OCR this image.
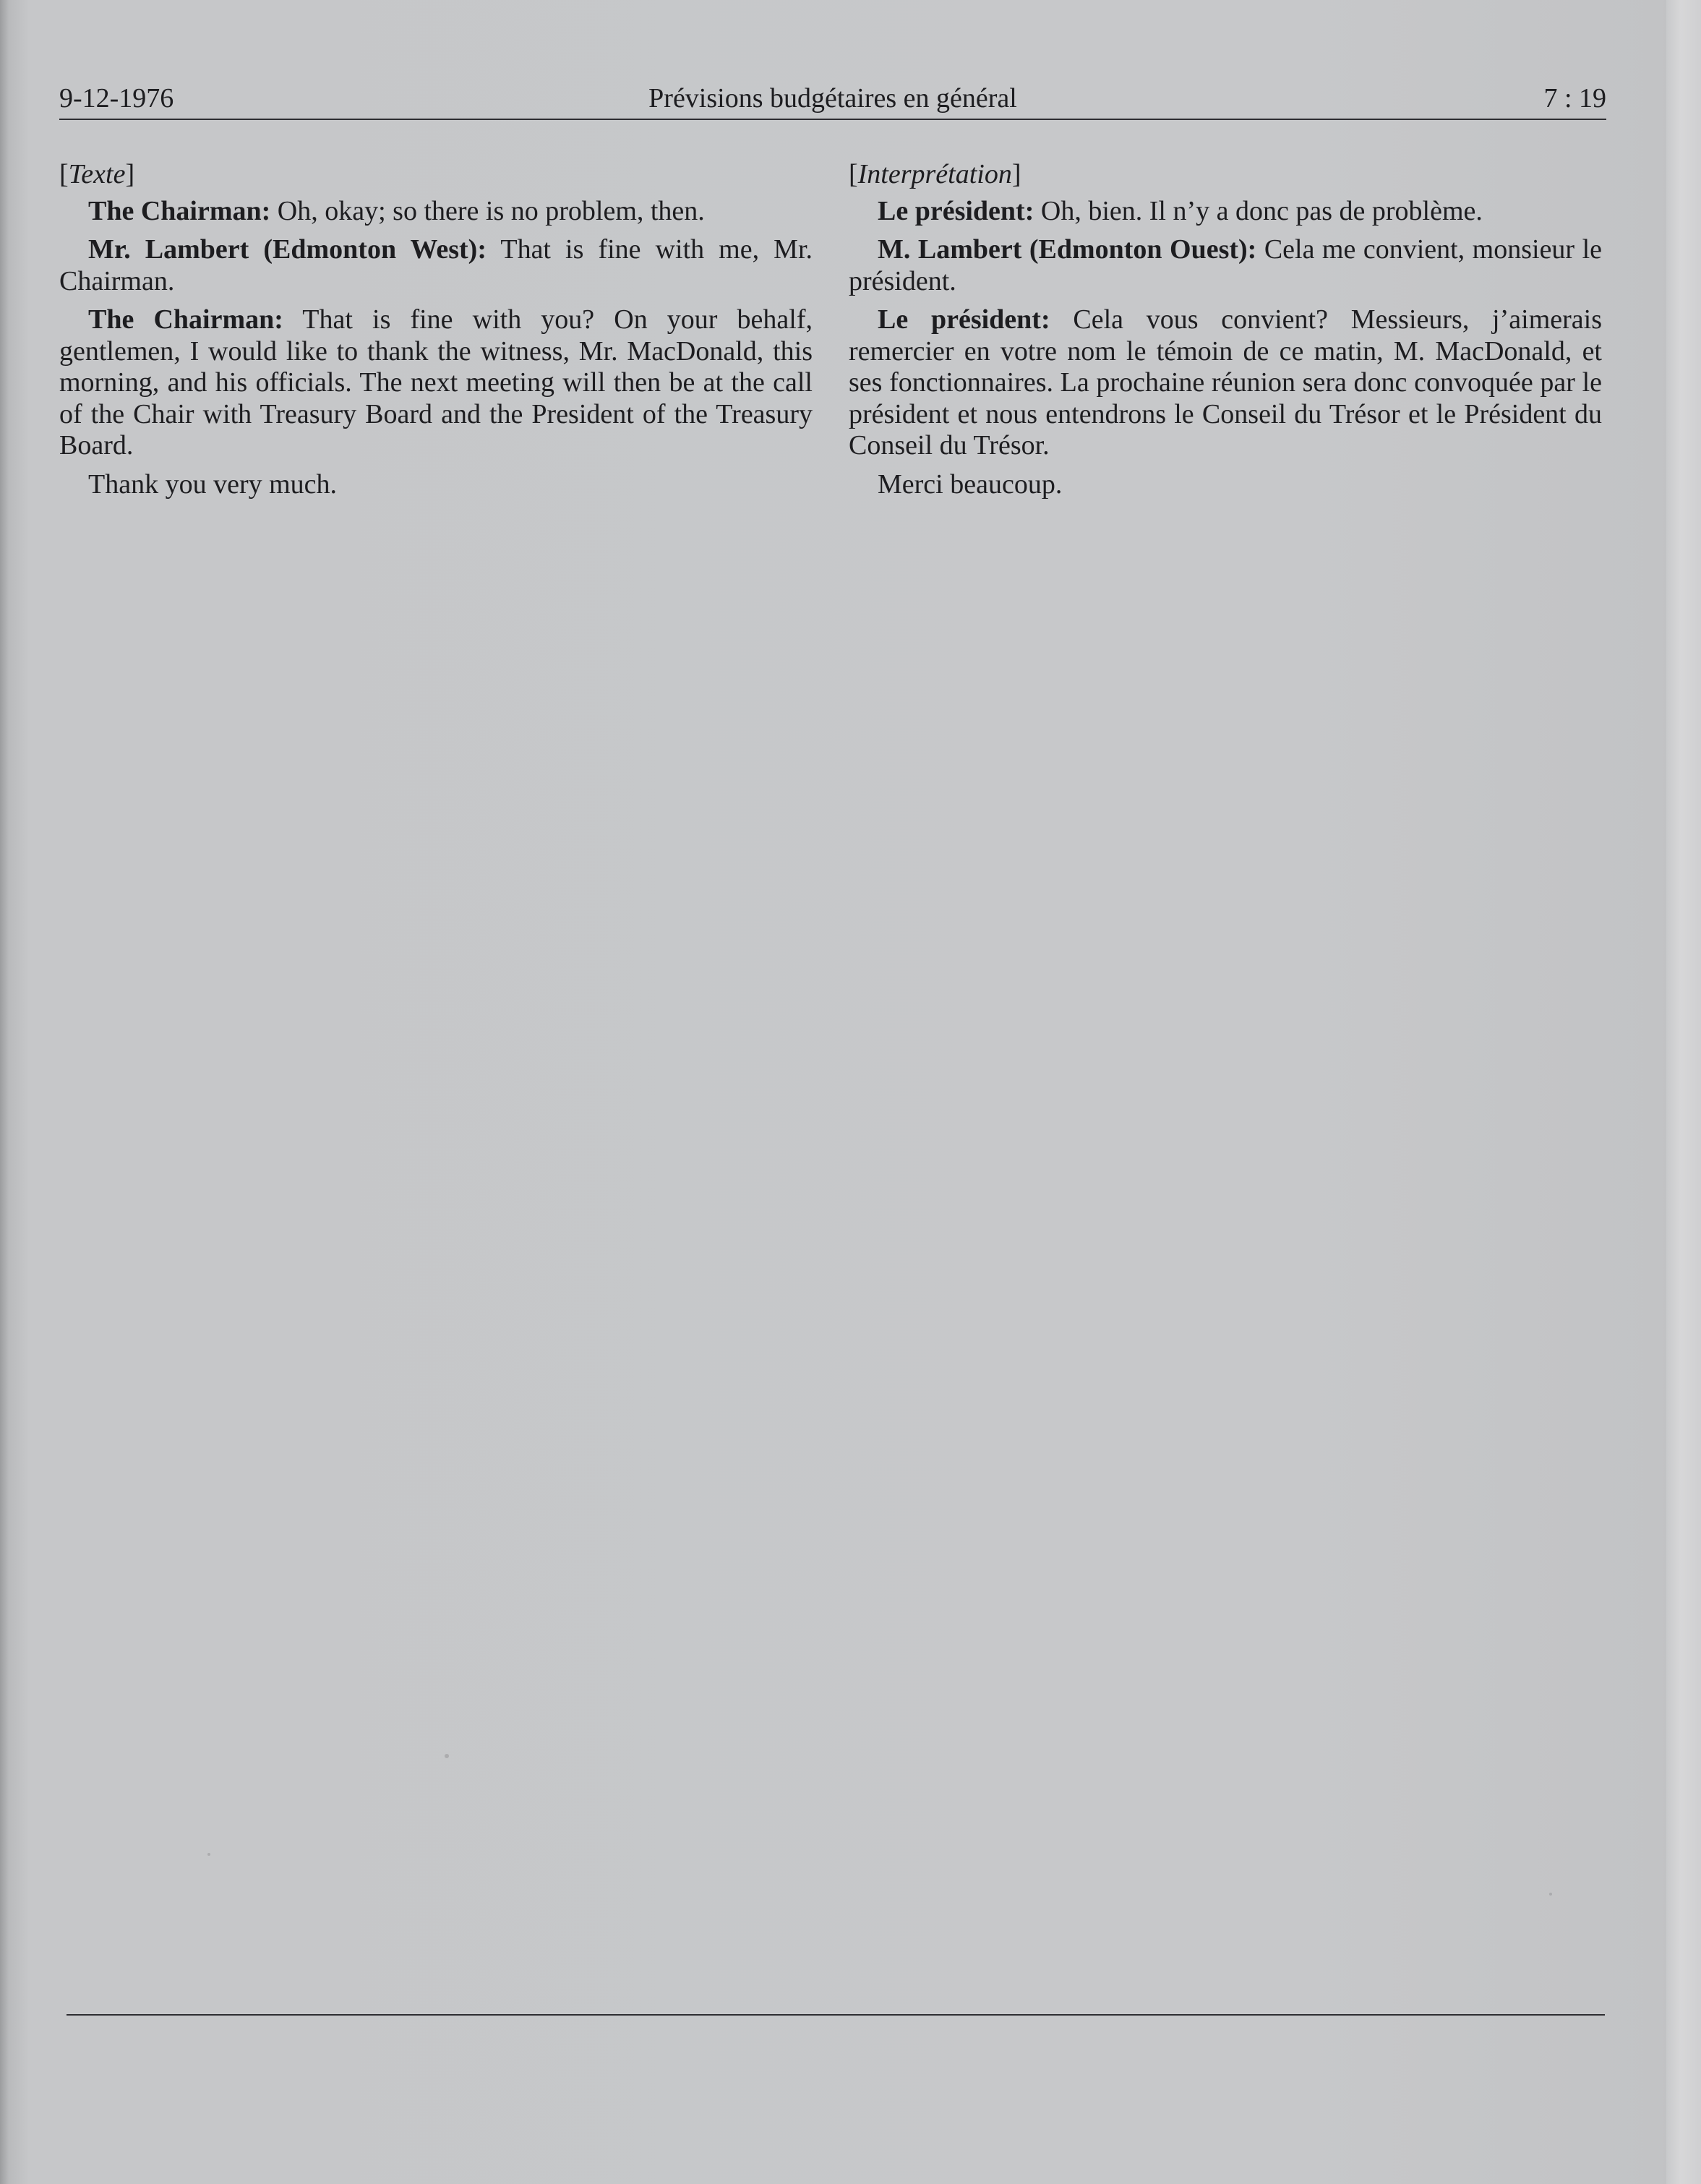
9-12-1976	Prévisions budgétaires en général	7 : 19
[Texte]

The Chairman: Oh, okay; so there is no problem, then.

Mr. Lambert (Edmonton West): That is fine with me, Mr. Chairman.

The Chairman: That is fine with you? On your behalf, gentlemen, I would like to thank the witness, Mr. MacDonald, this morning, and his officials. The next meeting will then be at the call of the Chair with Treasury Board and the President of the Treasury Board.

Thank you very much.

[Interprétation]

Le président: Oh, bien. Il n’y a donc pas de problème.

M. Lambert (Edmonton Ouest): Cela me convient, monsieur le président.

Le président: Cela vous convient? Messieurs, j’aimerais remercier en votre nom le témoin de ce matin, M. MacDonald, et ses fonctionnaires. La prochaine réunion sera donc convoquée par le président et nous entendrons le Conseil du Trésor et le Président du Conseil du Trésor.

Merci beaucoup.
